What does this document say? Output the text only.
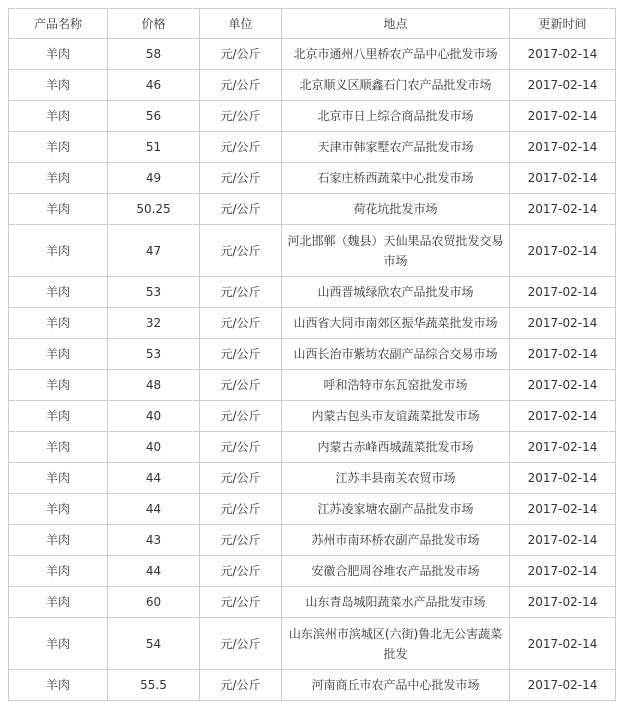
产品名称	价格	单位	地点	更新时间
羊肉	58	元/公斤	北京市通州八里桥农产品中心批发市场	2017-02-14
羊肉	46	元/公斤	北京顺义区顺鑫石门农产品批发市场	2017-02-14
羊肉	56	元/公斤	北京市日上综合商品批发市场	2017-02-14
羊肉	51	元/公斤	天津市韩家墅农产品批发市场	2017-02-14
羊肉	49	元/公斤	石家庄桥西蔬菜中心批发市场	2017-02-14
羊肉	50.25	元/公斤	荷花坑批发市场	2017-02-14
羊肉	47	元/公斤	河北邯郸（魏县）天仙果品农贸批发交易市场	2017-02-14
羊肉	53	元/公斤	山西晋城绿欣农产品批发市场	2017-02-14
羊肉	32	元/公斤	山西省大同市南郊区振华蔬菜批发市场	2017-02-14
羊肉	53	元/公斤	山西长治市紫坊农副产品综合交易市场	2017-02-14
羊肉	48	元/公斤	呼和浩特市东瓦窑批发市场	2017-02-14
羊肉	40	元/公斤	内蒙古包头市友谊蔬菜批发市场	2017-02-14
羊肉	40	元/公斤	内蒙古赤峰西城蔬菜批发市场	2017-02-14
羊肉	44	元/公斤	江苏丰县南关农贸市场	2017-02-14
羊肉	44	元/公斤	江苏凌家塘农副产品批发市场	2017-02-14
羊肉	43	元/公斤	苏州市南环桥农副产品批发市场	2017-02-14
羊肉	44	元/公斤	安徽合肥周谷堆农产品批发市场	2017-02-14
羊肉	60	元/公斤	山东青岛城阳蔬菜水产品批发市场	2017-02-14
羊肉	54	元/公斤	山东滨州市滨城区(六街)鲁北无公害蔬菜批发	2017-02-14
羊肉	55.5	元/公斤	河南商丘市农产品中心批发市场	2017-02-14
